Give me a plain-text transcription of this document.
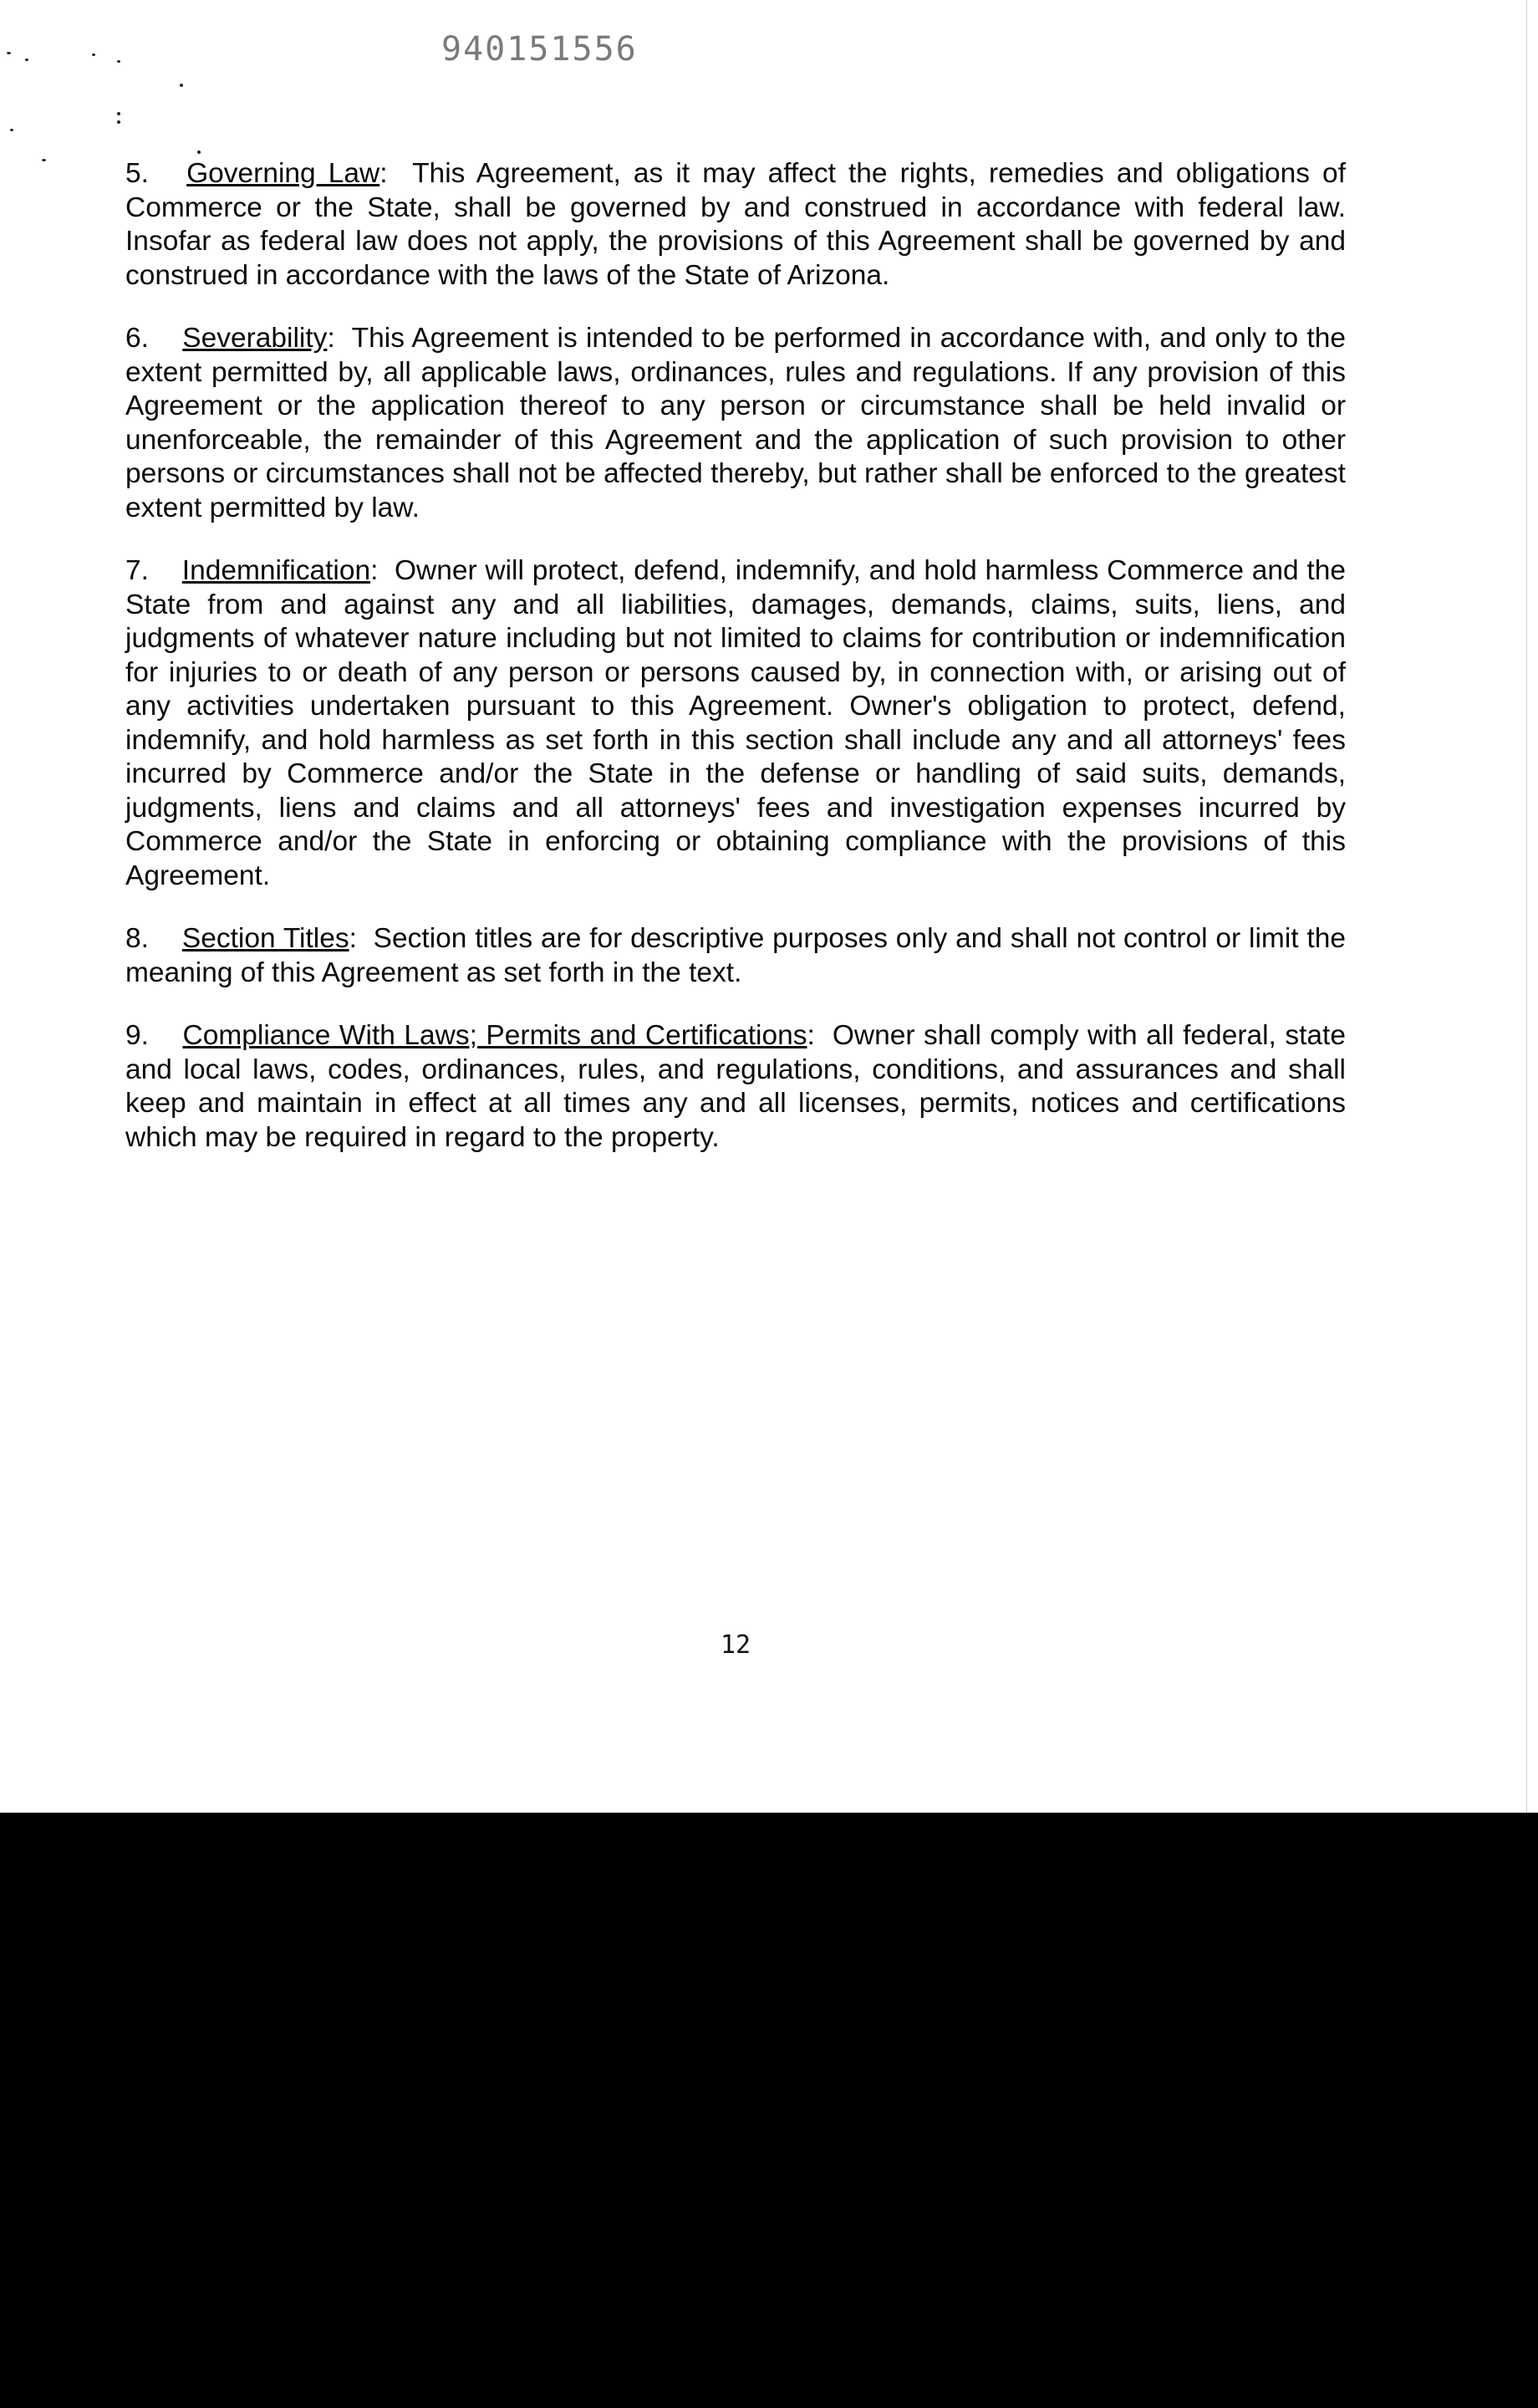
940151556

5. Governing Law:  This Agreement, as it may affect the rights, remedies and obligations of Commerce or the State, shall be governed by and construed in accordance with federal law. Insofar as federal law does not apply, the provisions of this Agreement shall be governed by and construed in accordance with the laws of the State of Arizona.

6. Severability:  This Agreement is intended to be performed in accordance with, and only to the extent permitted by, all applicable laws, ordinances, rules and regulations. If any provision of this Agreement or the application thereof to any person or circumstance shall be held invalid or unenforceable, the remainder of this Agreement and the application of such provision to other persons or circumstances shall not be affected thereby, but rather shall be enforced to the greatest extent permitted by law.

7. Indemnification:  Owner will protect, defend, indemnify, and hold harmless Commerce and the State from and against any and all liabilities, damages, demands, claims, suits, liens, and judgments of whatever nature including but not limited to claims for contribution or indemnification for injuries to or death of any person or persons caused by, in connection with, or arising out of any activities undertaken pursuant to this Agreement. Owner's obligation to protect, defend, indemnify, and hold harmless as set forth in this section shall include any and all attorneys' fees incurred by Commerce and/or the State in the defense or handling of said suits, demands, judgments, liens and claims and all attorneys' fees and investigation expenses incurred by Commerce and/or the State in enforcing or obtaining compliance with the provisions of this Agreement.

8. Section Titles:  Section titles are for descriptive purposes only and shall not control or limit the meaning of this Agreement as set forth in the text.

9. Compliance With Laws; Permits and Certifications:  Owner shall comply with all federal, state and local laws, codes, ordinances, rules, and regulations, conditions, and assurances and shall keep and maintain in effect at all times any and all licenses, permits, notices and certifications which may be required in regard to the property.

12
